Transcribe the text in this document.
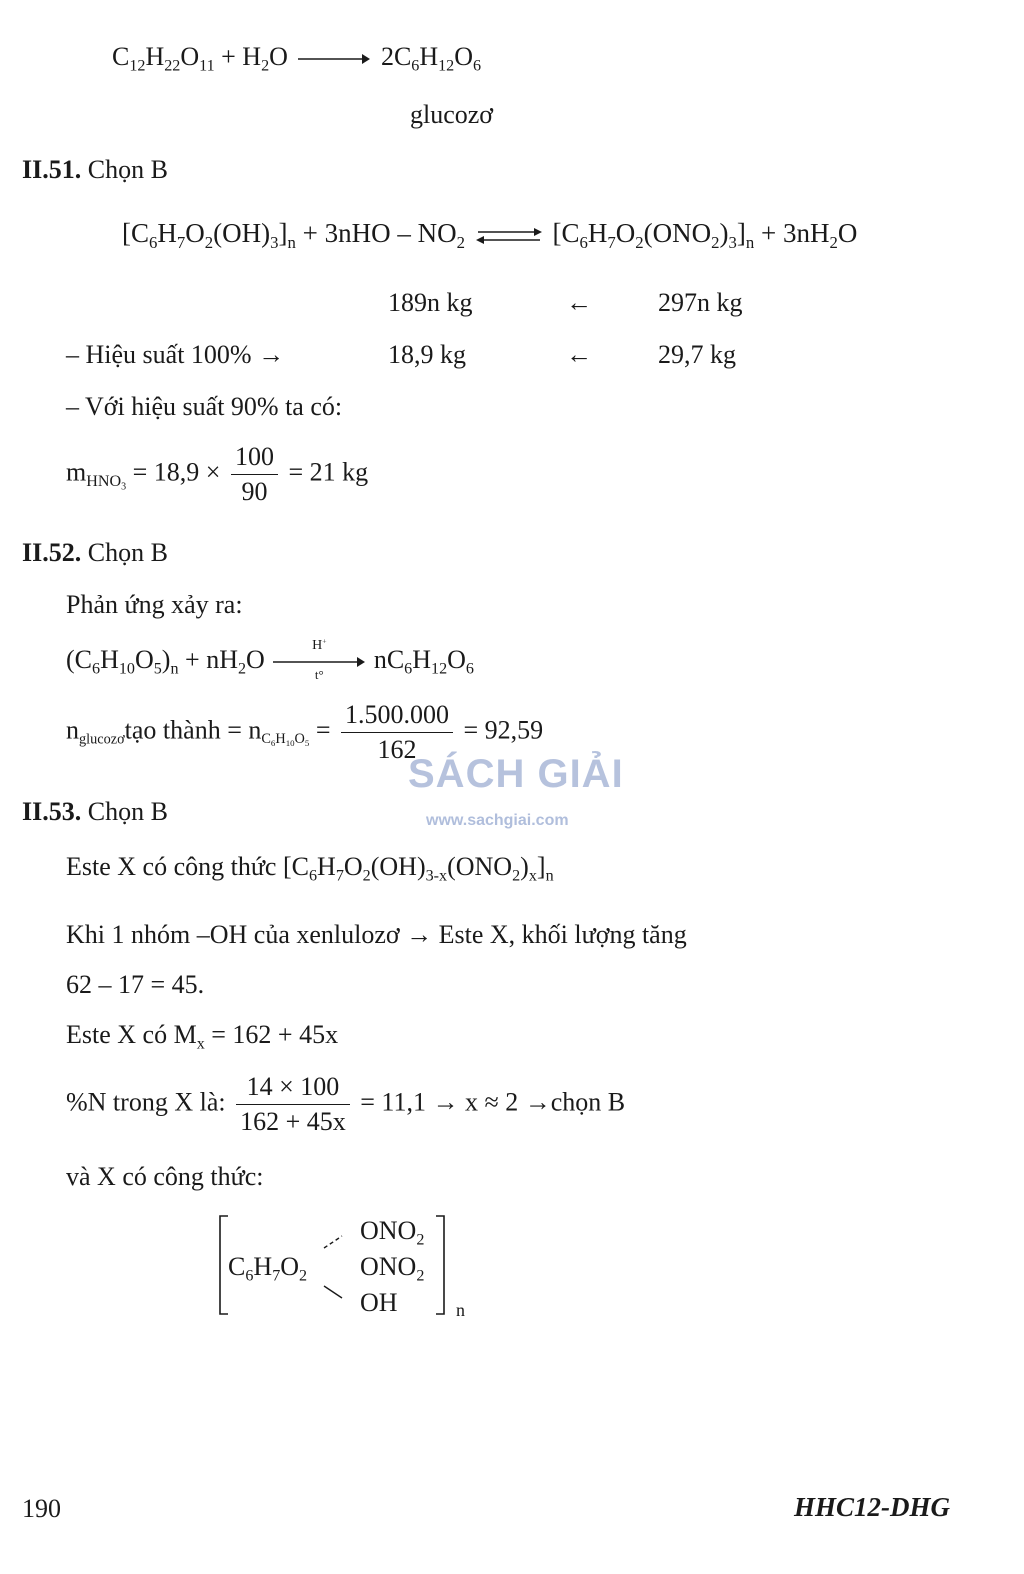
$C_{12}H_{22}O_{11} + H_2O \to 2C_6H_{12}O_6$
glucozơ
II.51. Chọn B
$[C_6H_7O_2(OH)_3]_n + 3nHO - NO_2$ ⇌ $[C_6H_7O_2(ONO_2)_3]_n + 3nH_2O$
189n kg	←	297n kg
– Hiệu suất 100% →	18,9 kg	←	29,7 kg
– Với hiệu suất 90% ta có:
$m_{HNO_3} = 18,9 \times \frac{100}{90} = 21$ kg
II.52. Chọn B
Phản ứng xảy ra:
$(C_6H_{10}O_5)_n + nH_2O$	H+
t°
$nC_6H_{12}O_6$
$n_{glucozơ}tạo$ thành = $n_{C_6H_{10}O_5} = \frac{1.500.000}{162} = 92,59$
SÁCH GIẢI
www.sachgiai.com
II.53. Chọn B
Este X có công thức $[C_6H_7O_2(OH)_{3-x}(ONO_2)_x]_n$
Khi 1 nhóm –OH của xenlulozơ → Este X, khối lượng tăng
62 – 17 = 45.
Este X có $M_x = 162 + 45x$
%N trong X là: $\frac{14 \times 100}{162 + 45x} = 11,1 \to x \approx 2$ →chọn B
và X có công thức:
$C_6H_7O_2$
$ONO_2$
$ONO_2$
OH	n
190	HHC12-DHG
